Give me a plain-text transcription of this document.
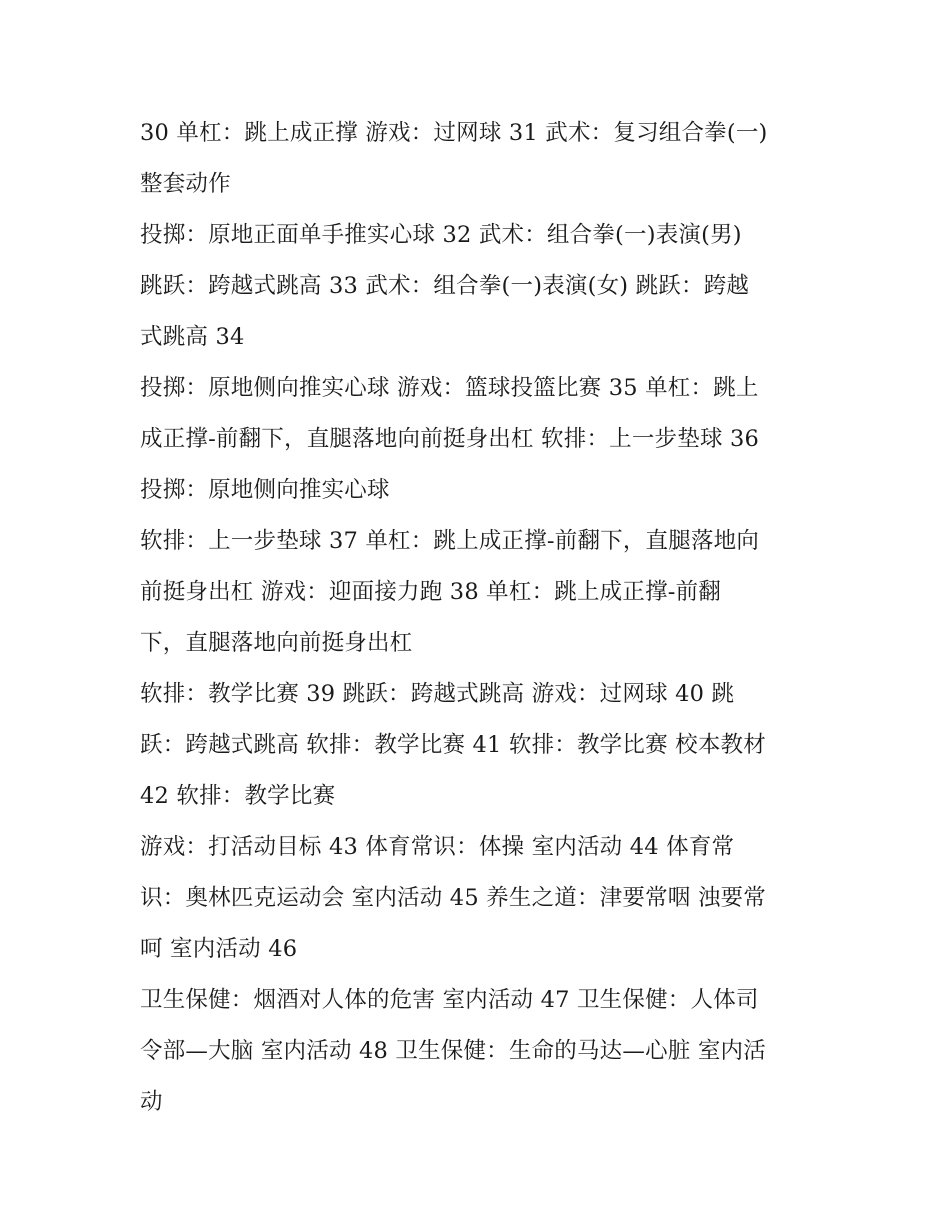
30 单杠：跳上成正撑 游戏：过网球 31 武术：复习组合拳(一)
整套动作
投掷：原地正面单手推实心球 32 武术：组合拳(一)表演(男)
跳跃：跨越式跳高 33 武术：组合拳(一)表演(女) 跳跃：跨越
式跳高 34
投掷：原地侧向推实心球 游戏：篮球投篮比赛 35 单杠：跳上
成正撑-前翻下，直腿落地向前挺身出杠 软排：上一步垫球 36
投掷：原地侧向推实心球
软排：上一步垫球 37 单杠：跳上成正撑-前翻下，直腿落地向
前挺身出杠 游戏：迎面接力跑 38 单杠：跳上成正撑-前翻
下，直腿落地向前挺身出杠
软排：教学比赛 39 跳跃：跨越式跳高 游戏：过网球 40 跳
跃：跨越式跳高 软排：教学比赛 41 软排：教学比赛 校本教材
42 软排：教学比赛
游戏：打活动目标 43 体育常识：体操 室内活动 44 体育常
识：奥林匹克运动会 室内活动 45 养生之道：津要常咽 浊要常
呵 室内活动 46
卫生保健：烟酒对人体的危害 室内活动 47 卫生保健：人体司
令部—大脑 室内活动 48 卫生保健：生命的马达—心脏 室内活
动
